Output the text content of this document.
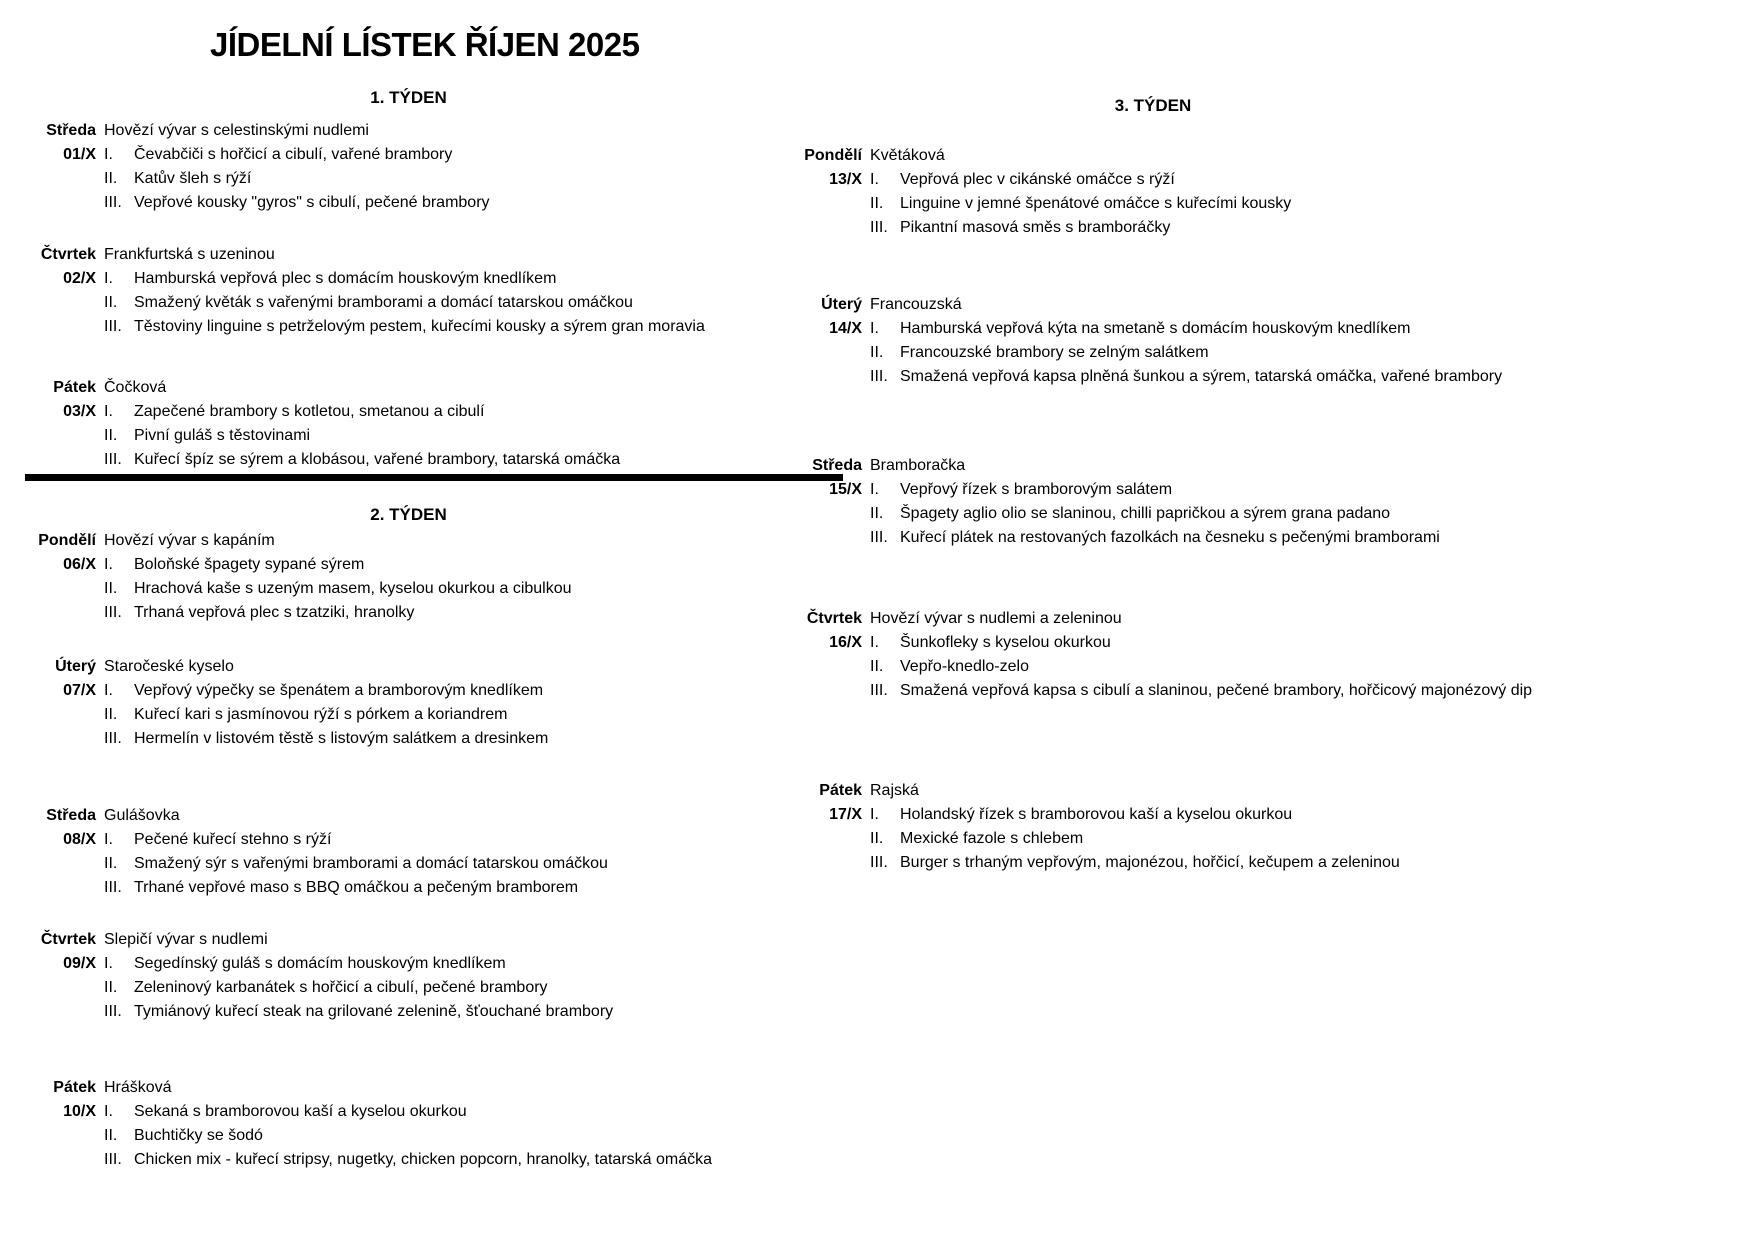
JÍDELNÍ LÍSTEK ŘÍJEN 2025
1. TÝDEN
Středa Hovězí vývar s celestinskými nudlemi
01/X I.	Čevabčiči s hořčicí a cibulí, vařené brambory
II.	Katův šleh s rýží
III. Vepřové kousky "gyros" s cibulí, pečené brambory
Čtvrtek Frankfurtská s uzeninou
02/X I.	Hamburská vepřová plec s domácím houskovým knedlíkem
II.	Smažený květák s vařenými bramborami a domácí tatarskou omáčkou
III. Těstoviny linguine s petrželovým pestem, kuřecími kousky a sýrem gran moravia
Pátek Čočková
03/X I.	Zapečené brambory s kotletou, smetanou a cibulí
II.	Pivní guláš s těstovinami
III. Kuřecí špíz se sýrem a klobásou, vařené brambory, tatarská omáčka
2. TÝDEN
Pondělí Hovězí vývar s kapáním
06/X I.	Boloňské špagety sypané sýrem
II.	Hrachová kaše s uzeným masem, kyselou okurkou a cibulkou
III. Trhaná vepřová plec s tzatziki, hranolky
Úterý Staročeské kyselo
07/X I.	Vepřový výpečky se špenátem a bramborovým knedlíkem
II.	Kuřecí kari s jasmínovou rýží s pórkem a koriandrem
III. Hermelín v listovém těstě s listovým salátkem a dresinkem
Středa Gulášovka
08/X I.	Pečené kuřecí stehno s rýží
II.	Smažený sýr s vařenými bramborami a domácí tatarskou omáčkou
III. Trhané vepřové maso s BBQ omáčkou a pečeným bramborem
Čtvrtek Slepičí vývar s nudlemi
09/X I.	Segedínský guláš s domácím houskovým knedlíkem
II.	Zeleninový karbanátek s hořčicí a cibulí, pečené brambory
III. Tymiánový kuřecí steak na grilované zelenině, šťouchané brambory
Pátek Hrášková
10/X I.	Sekaná s bramborovou kaší a kyselou okurkou
II.	Buchtičky se šodó
III. Chicken mix - kuřecí stripsy, nugetky, chicken popcorn, hranolky, tatarská omáčka
3. TÝDEN
Pondělí Květáková
13/X I.	Vepřová plec v cikánské omáčce s rýží
II.	Linguine v jemné špenátové omáčce s kuřecími kousky
III. Pikantní masová směs s bramboráčky
Úterý Francouzská
14/X I.	Hamburská vepřová kýta na smetaně s domácím houskovým knedlíkem
II.	Francouzské brambory se zelným salátkem
III. Smažená vepřová kapsa plněná šunkou a sýrem, tatarská omáčka, vařené brambory
Středa Bramboračka
15/X I.	Vepřový řízek s bramborovým salátem
II.	Špagety aglio olio se slaninou, chilli papričkou a sýrem grana padano
III. Kuřecí plátek na restovaných fazolkách na česneku s pečenými bramborami
Čtvrtek Hovězí vývar s nudlemi a zeleninou
16/X I.	Šunkofleky s kyselou okurkou
II.	Vepřo-knedlo-zelo
III. Smažená vepřová kapsa s cibulí a slaninou, pečené brambory, hořčicový majonézový dip
Pátek Rajská
17/X I.	Holandský řízek s bramborovou kaší a kyselou okurkou
II.	Mexické fazole s chlebem
III. Burger s trhaným vepřovým, majonézou, hořčicí, kečupem a zeleninou
